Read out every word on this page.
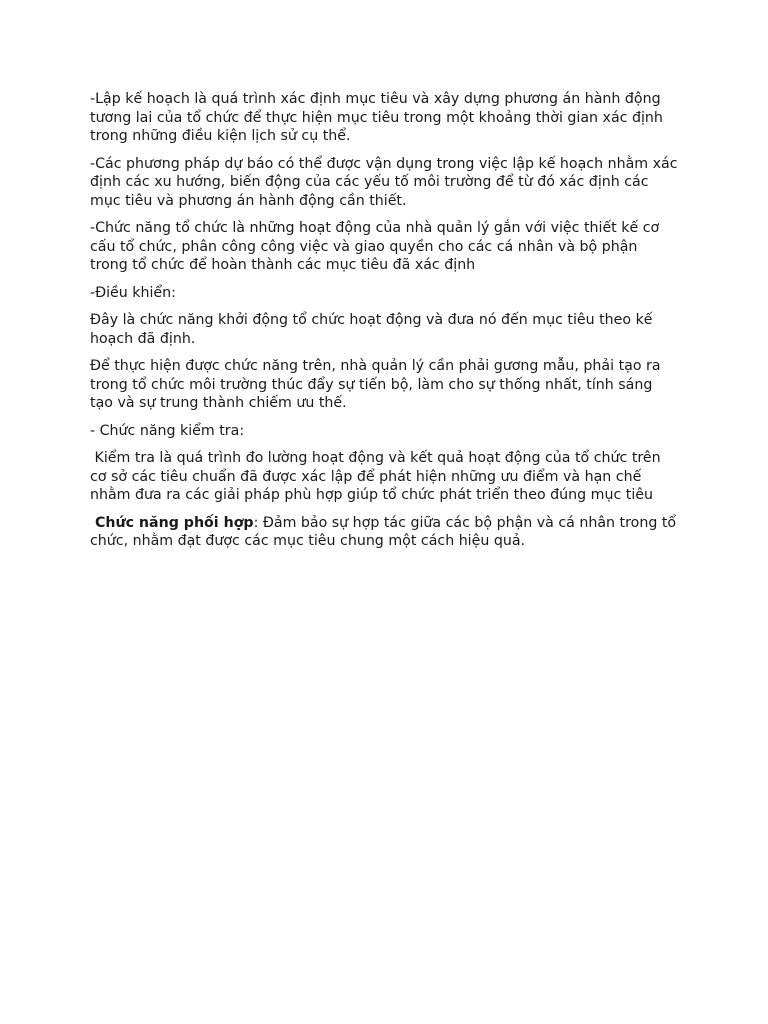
-Lập kế hoạch là quá trình xác định mục tiêu và xây dựng phương án hành động tương lai của tổ chức để thực hiện mục tiêu trong một khoảng thời gian xác định trong những điều kiện lịch sử cụ thể.

-Các phương pháp dự báo có thể được vận dụng trong việc lập kế hoạch nhằm xác định các xu hướng, biến động của các yếu tố môi trường để từ đó xác định các mục tiêu và phương án hành động cần thiết.

-Chức năng tổ chức là những hoạt động của nhà quản lý gắn với việc thiết kế cơ cấu tổ chức, phân công công việc và giao quyền cho các cá nhân và bộ phận trong tổ chức để hoàn thành các mục tiêu đã xác định

-Điều khiển:

Đây là chức năng khởi động tổ chức hoạt động và đưa nó đến mục tiêu theo kế hoạch đã định.

Để thực hiện được chức năng trên, nhà quản lý cần phải gương mẫu, phải tạo ra trong tổ chức môi trường thúc đẩy sự tiến bộ, làm cho sự thống nhất, tính sáng tạo và sự trung thành chiếm ưu thế.

- Chức năng kiểm tra:

Kiểm tra là quá trình đo lường hoạt động và kết quả hoạt động của tổ chức trên cơ sở các tiêu chuẩn đã được xác lập để phát hiện những ưu điểm và hạn chế nhằm đưa ra các giải pháp phù hợp giúp tổ chức phát triển theo đúng mục tiêu

Chức năng phối hợp: Đảm bảo sự hợp tác giữa các bộ phận và cá nhân trong tổ chức, nhằm đạt được các mục tiêu chung một cách hiệu quả.
